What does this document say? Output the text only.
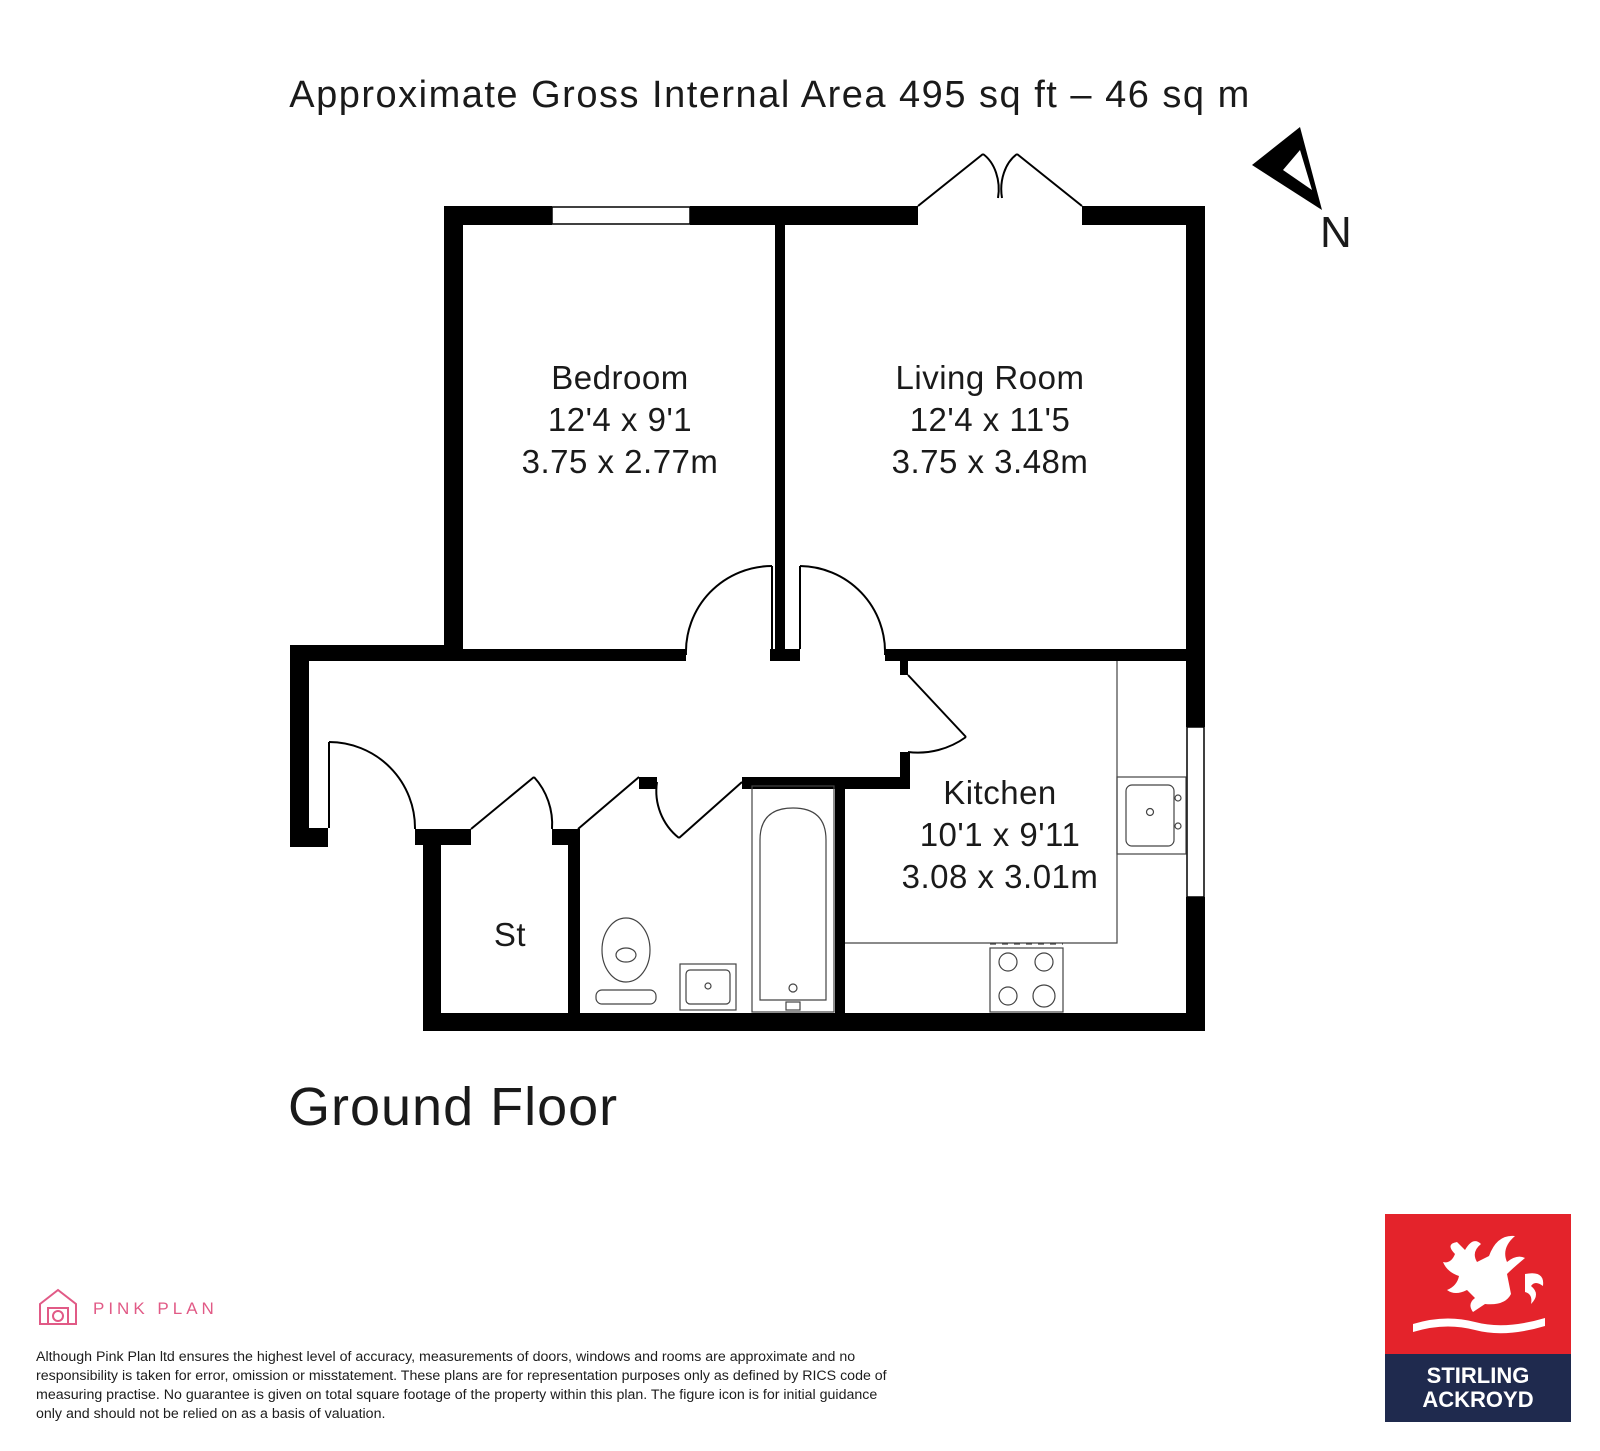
Approximate Gross Internal Area 495 sq ft – 46 sq m
N
Bedroom
12'4 x 9'1
3.75 x 2.77m
Living Room
12'4 x 11'5
3.75 x 3.48m
Kitchen
10'1 x 9'11
3.08 x 3.01m
St
Ground Floor
PINK PLAN
Although Pink Plan ltd ensures the highest level of accuracy, measurements of doors, windows and rooms are approximate and no responsibility is taken for error, omission or misstatement. These plans are for representation purposes only as defined by RICS code of measuring practise. No guarantee is given on total square footage of the property within this plan. The figure icon is for initial guidance only and should not be relied on as a basis of valuation.
STIRLING
ACKROYD
